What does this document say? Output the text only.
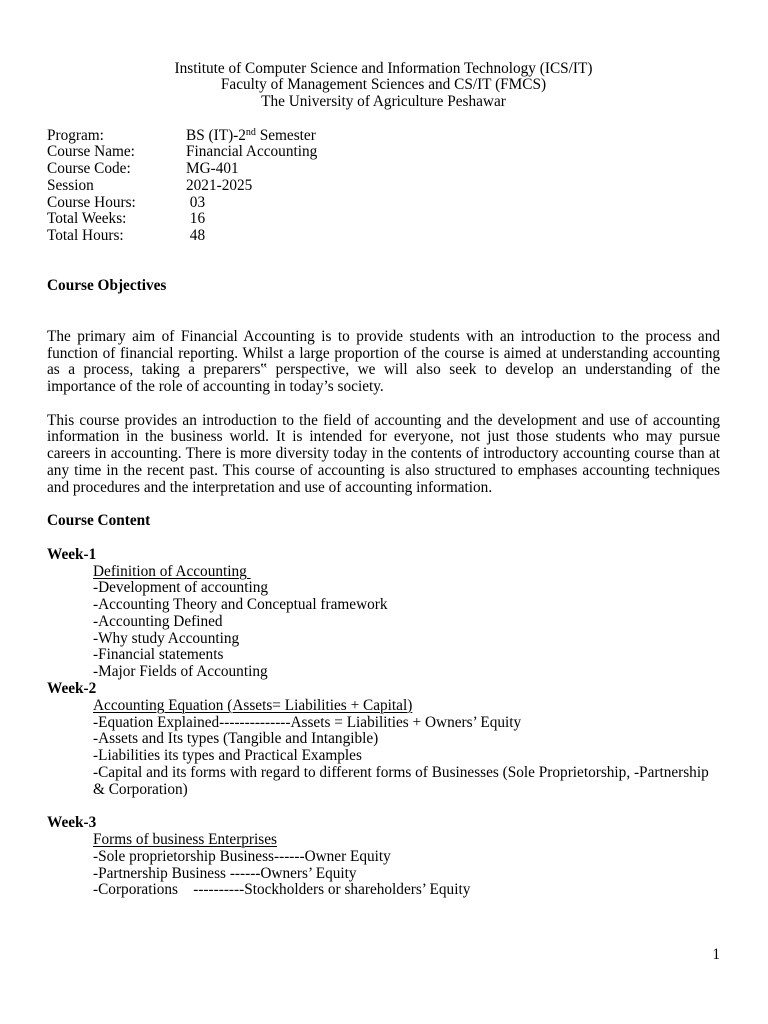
Institute of Computer Science and Information Technology (ICS/IT)
Faculty of Management Sciences and CS/IT (FMCS)
The University of Agriculture Peshawar
Program:	BS (IT)-2nd Semester
Course Name:	Financial Accounting
Course Code:	MG-401
Session	2021-2025
Course Hours:	03
Total Weeks:	16
Total Hours:	48
Course Objectives
The primary aim of Financial Accounting is to provide students with an introduction to the process and
function of financial reporting. Whilst a large proportion of the course is aimed at understanding accounting
as a process, taking a preparers‟ perspective, we will also seek to develop an understanding of the
importance of the role of accounting in today’s society.
This course provides an introduction to the field of accounting and the development and use of accounting
information in the business world. It is intended for everyone, not just those students who may pursue
careers in accounting. There is more diversity today in the contents of introductory accounting course than at
any time in the recent past. This course of accounting is also structured to emphases accounting techniques
and procedures and the interpretation and use of accounting information.
Course Content
Week-1
Definition of Accounting
-Development of accounting
-Accounting Theory and Conceptual framework
-Accounting Defined
-Why study Accounting
-Financial statements
-Major Fields of Accounting
Week-2
Accounting Equation (Assets= Liabilities + Capital)
-Equation Explained--------------Assets = Liabilities + Owners’ Equity
-Assets and Its types (Tangible and Intangible)
-Liabilities its types and Practical Examples
-Capital and its forms with regard to different forms of Businesses (Sole Proprietorship, -Partnership & Corporation)
Week-3
Forms of business Enterprises
-Sole proprietorship Business------Owner Equity
-Partnership Business ------Owners’ Equity
-Corporations    ----------Stockholders or shareholders’ Equity
1
